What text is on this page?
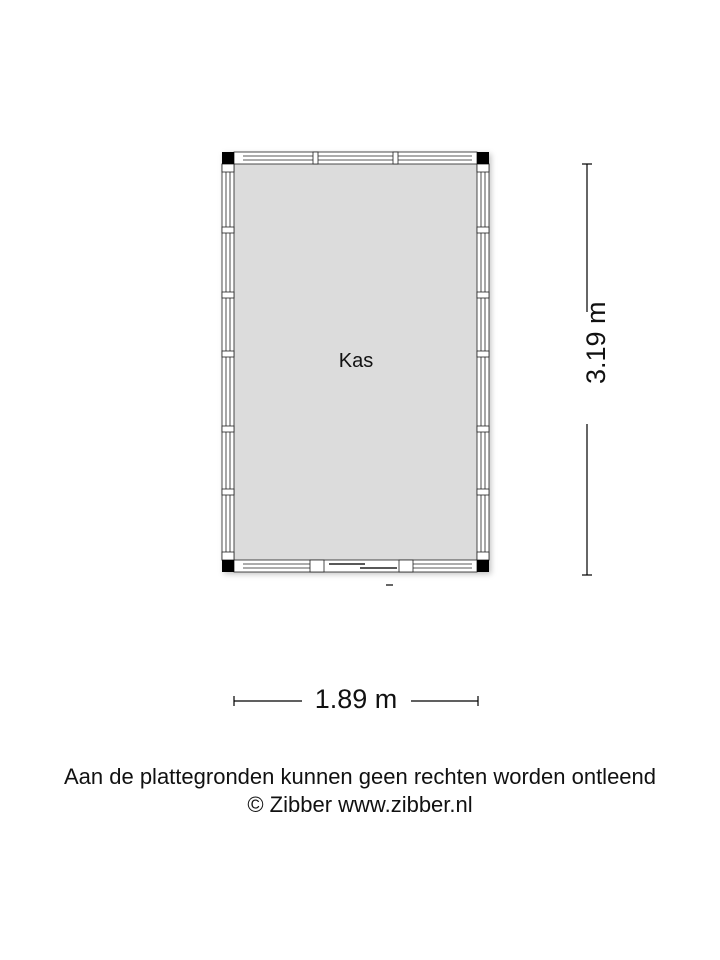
Kas
1.89 m
3.19 m
Aan de plattegronden kunnen geen rechten worden ontleend
© Zibber www.zibber.nl
